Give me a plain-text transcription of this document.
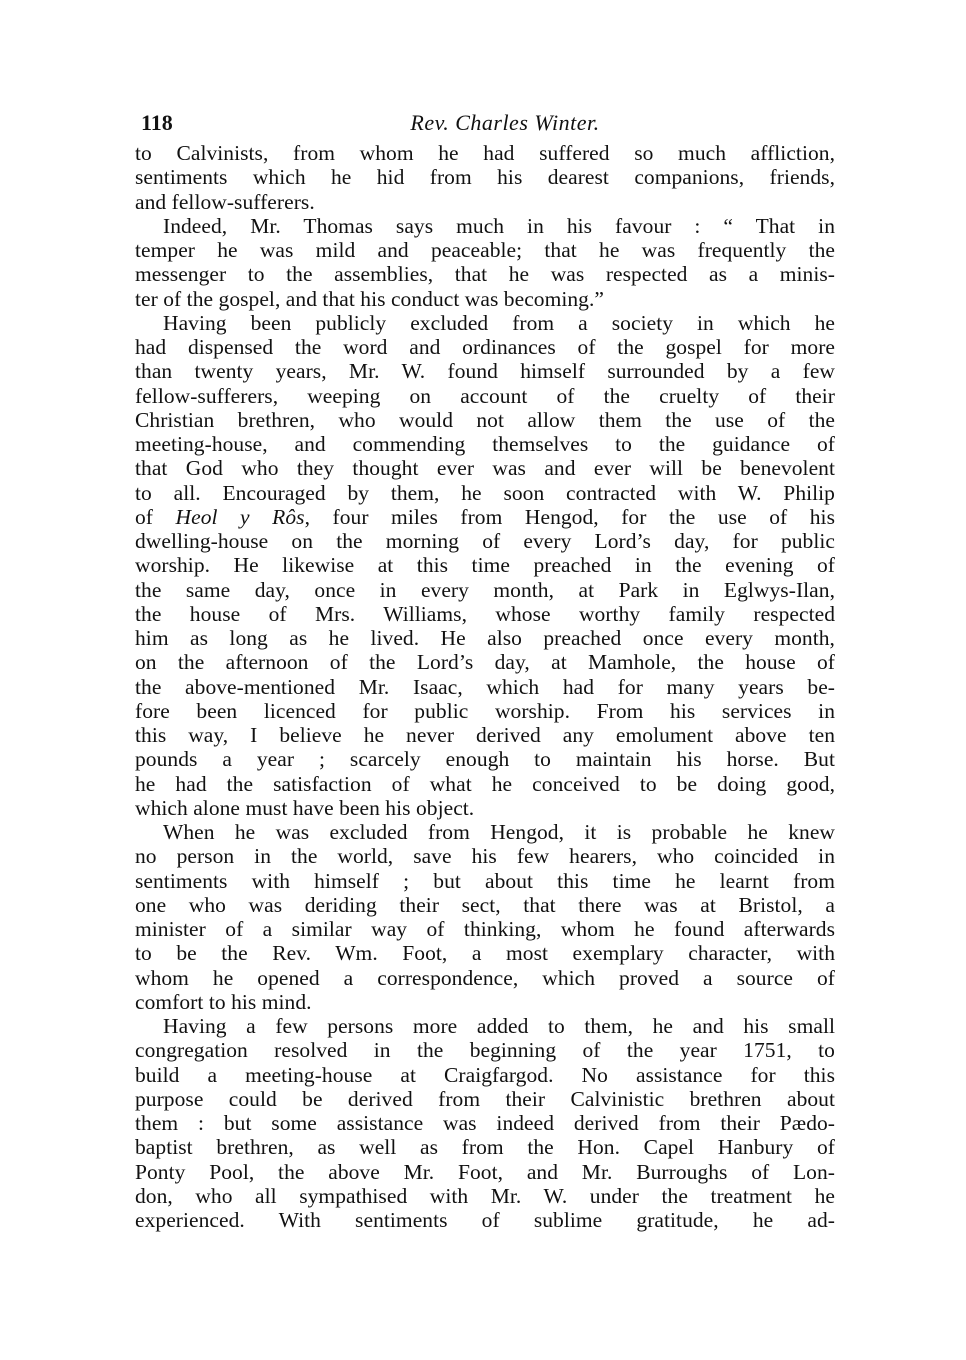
118	Rev. Charles Winter.
to Calvinists, from whom he had suffered so much affliction,
sentiments which he hid from his dearest companions, friends,
and fellow-sufferers.
Indeed, Mr. Thomas says much in his favour : “ That in
temper he was mild and peaceable; that he was frequently the
messenger to the assemblies, that he was respected as a minis-
ter of the gospel, and that his conduct was becoming.”
Having been publicly excluded from a society in which he
had dispensed the word and ordinances of the gospel for more
than twenty years, Mr. W. found himself surrounded by a few
fellow-sufferers, weeping on account of the cruelty of their
Christian brethren, who would not allow them the use of the
meeting-house, and commending themselves to the guidance of
that God who they thought ever was and ever will be benevolent
to all. Encouraged by them, he soon contracted with W. Philip
of Heol y Rôs, four miles from Hengod, for the use of his
dwelling-house on the morning of every Lord’s day, for public
worship. He likewise at this time preached in the evening of
the same day, once in every month, at Park in Eglwys-Ilan,
the house of Mrs. Williams, whose worthy family respected
him as long as he lived. He also preached once every month,
on the afternoon of the Lord’s day, at Mamhole, the house of
the above-mentioned Mr. Isaac, which had for many years be-
fore been licenced for public worship. From his services in
this way, I believe he never derived any emolument above ten
pounds a year ; scarcely enough to maintain his horse. But
he had the satisfaction of what he conceived to be doing good,
which alone must have been his object.
When he was excluded from Hengod, it is probable he knew
no person in the world, save his few hearers, who coincided in
sentiments with himself ; but about this time he learnt from
one who was deriding their sect, that there was at Bristol, a
minister of a similar way of thinking, whom he found afterwards
to be the Rev. Wm. Foot, a most exemplary character, with
whom he opened a correspondence, which proved a source of
comfort to his mind.
Having a few persons more added to them, he and his small
congregation resolved in the beginning of the year 1751, to
build a meeting-house at Craigfargod. No assistance for this
purpose could be derived from their Calvinistic brethren about
them : but some assistance was indeed derived from their Pædo-
baptist brethren, as well as from the Hon. Capel Hanbury of
Ponty Pool, the above Mr. Foot, and Mr. Burroughs of Lon-
don, who all sympathised with Mr. W. under the treatment he
experienced. With sentiments of sublime gratitude, he ad-
